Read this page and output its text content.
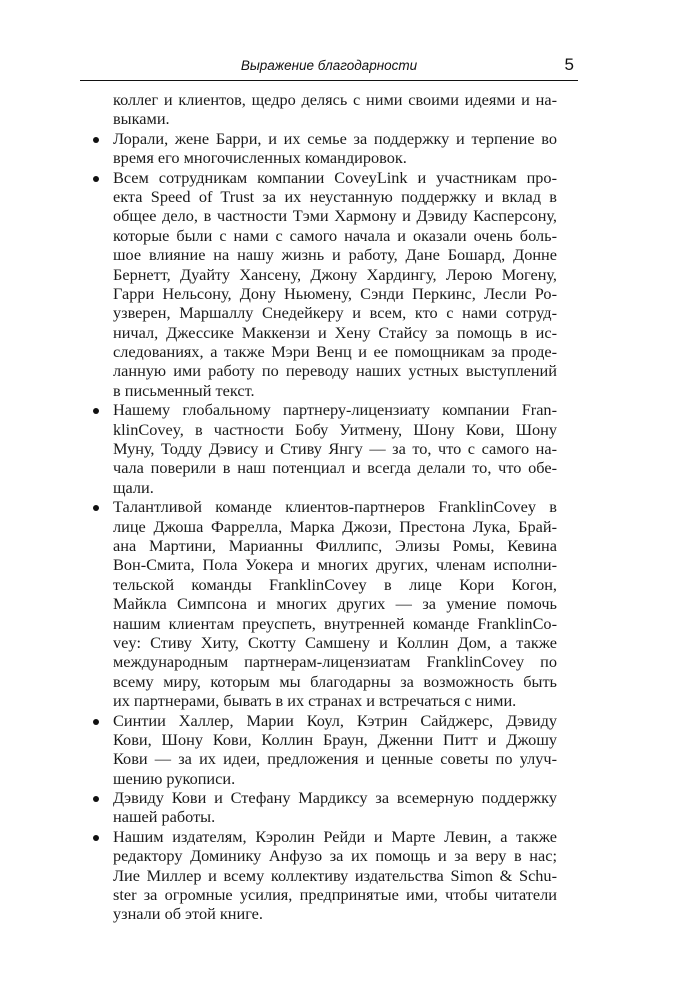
Выражение благодарности	5
коллег и клиентов, щедро делясь с ними своими идеями и на-
выками.
Лорали, жене Барри, и их семье за поддержку и терпение во
время его многочисленных командировок.
Всем сотрудникам компании CoveyLink и участникам про-
екта Speed of Trust за их неустанную поддержку и вклад в
общее дело, в частности Тэми Хармону и Дэвиду Касперсону,
которые были с нами с самого начала и оказали очень боль-
шое влияние на нашу жизнь и работу, Дане Бошард, Донне
Бернетт, Дуайту Хансену, Джону Хардингу, Лерою Могену,
Гарри Нельсону, Дону Ньюмену, Сэнди Перкинс, Лесли Ро-
узверен, Маршаллу Снедейкеру и всем, кто с нами сотруд-
ничал, Джессике Маккензи и Хену Стайсу за помощь в ис-
следованиях, а также Мэри Венц и ее помощникам за проде-
ланную ими работу по переводу наших устных выступлений
в письменный текст.
Нашему глобальному партнеру-лицензиату компании Fran-
klinCovey, в частности Бобу Уитмену, Шону Кови, Шону
Муну, Тодду Дэвису и Стиву Янгу — за то, что с самого на-
чала поверили в наш потенциал и всегда делали то, что обе-
щали.
Талантливой команде клиентов-партнеров FranklinCovey в
лице Джоша Фаррелла, Марка Джози, Престона Лука, Брай-
ана Мартини, Марианны Филлипс, Элизы Ромы, Кевина
Вон-Смита, Пола Уокера и многих других, членам исполни-
тельской команды FranklinCovey в лице Кори Когон,
Майкла Симпсона и многих других — за умение помочь
нашим клиентам преуспеть, внутренней команде FranklinCo-
vey: Стиву Хиту, Скотту Самшену и Коллин Дом, а также
международным партнерам-лицензиатам FranklinCovey по
всему миру, которым мы благодарны за возможность быть
их партнерами, бывать в их странах и встречаться с ними.
Синтии Халлер, Марии Коул, Кэтрин Сайджерс, Дэвиду
Кови, Шону Кови, Коллин Браун, Дженни Питт и Джошу
Кови — за их идеи, предложения и ценные советы по улуч-
шению рукописи.
Дэвиду Кови и Стефану Мардиксу за всемерную поддержку
нашей работы.
Нашим издателям, Кэролин Рейди и Марте Левин, а также
редактору Доминику Анфузо за их помощь и за веру в нас;
Лие Миллер и всему коллективу издательства Simon & Schu-
ster за огромные усилия, предпринятые ими, чтобы читатели
узнали об этой книге.
